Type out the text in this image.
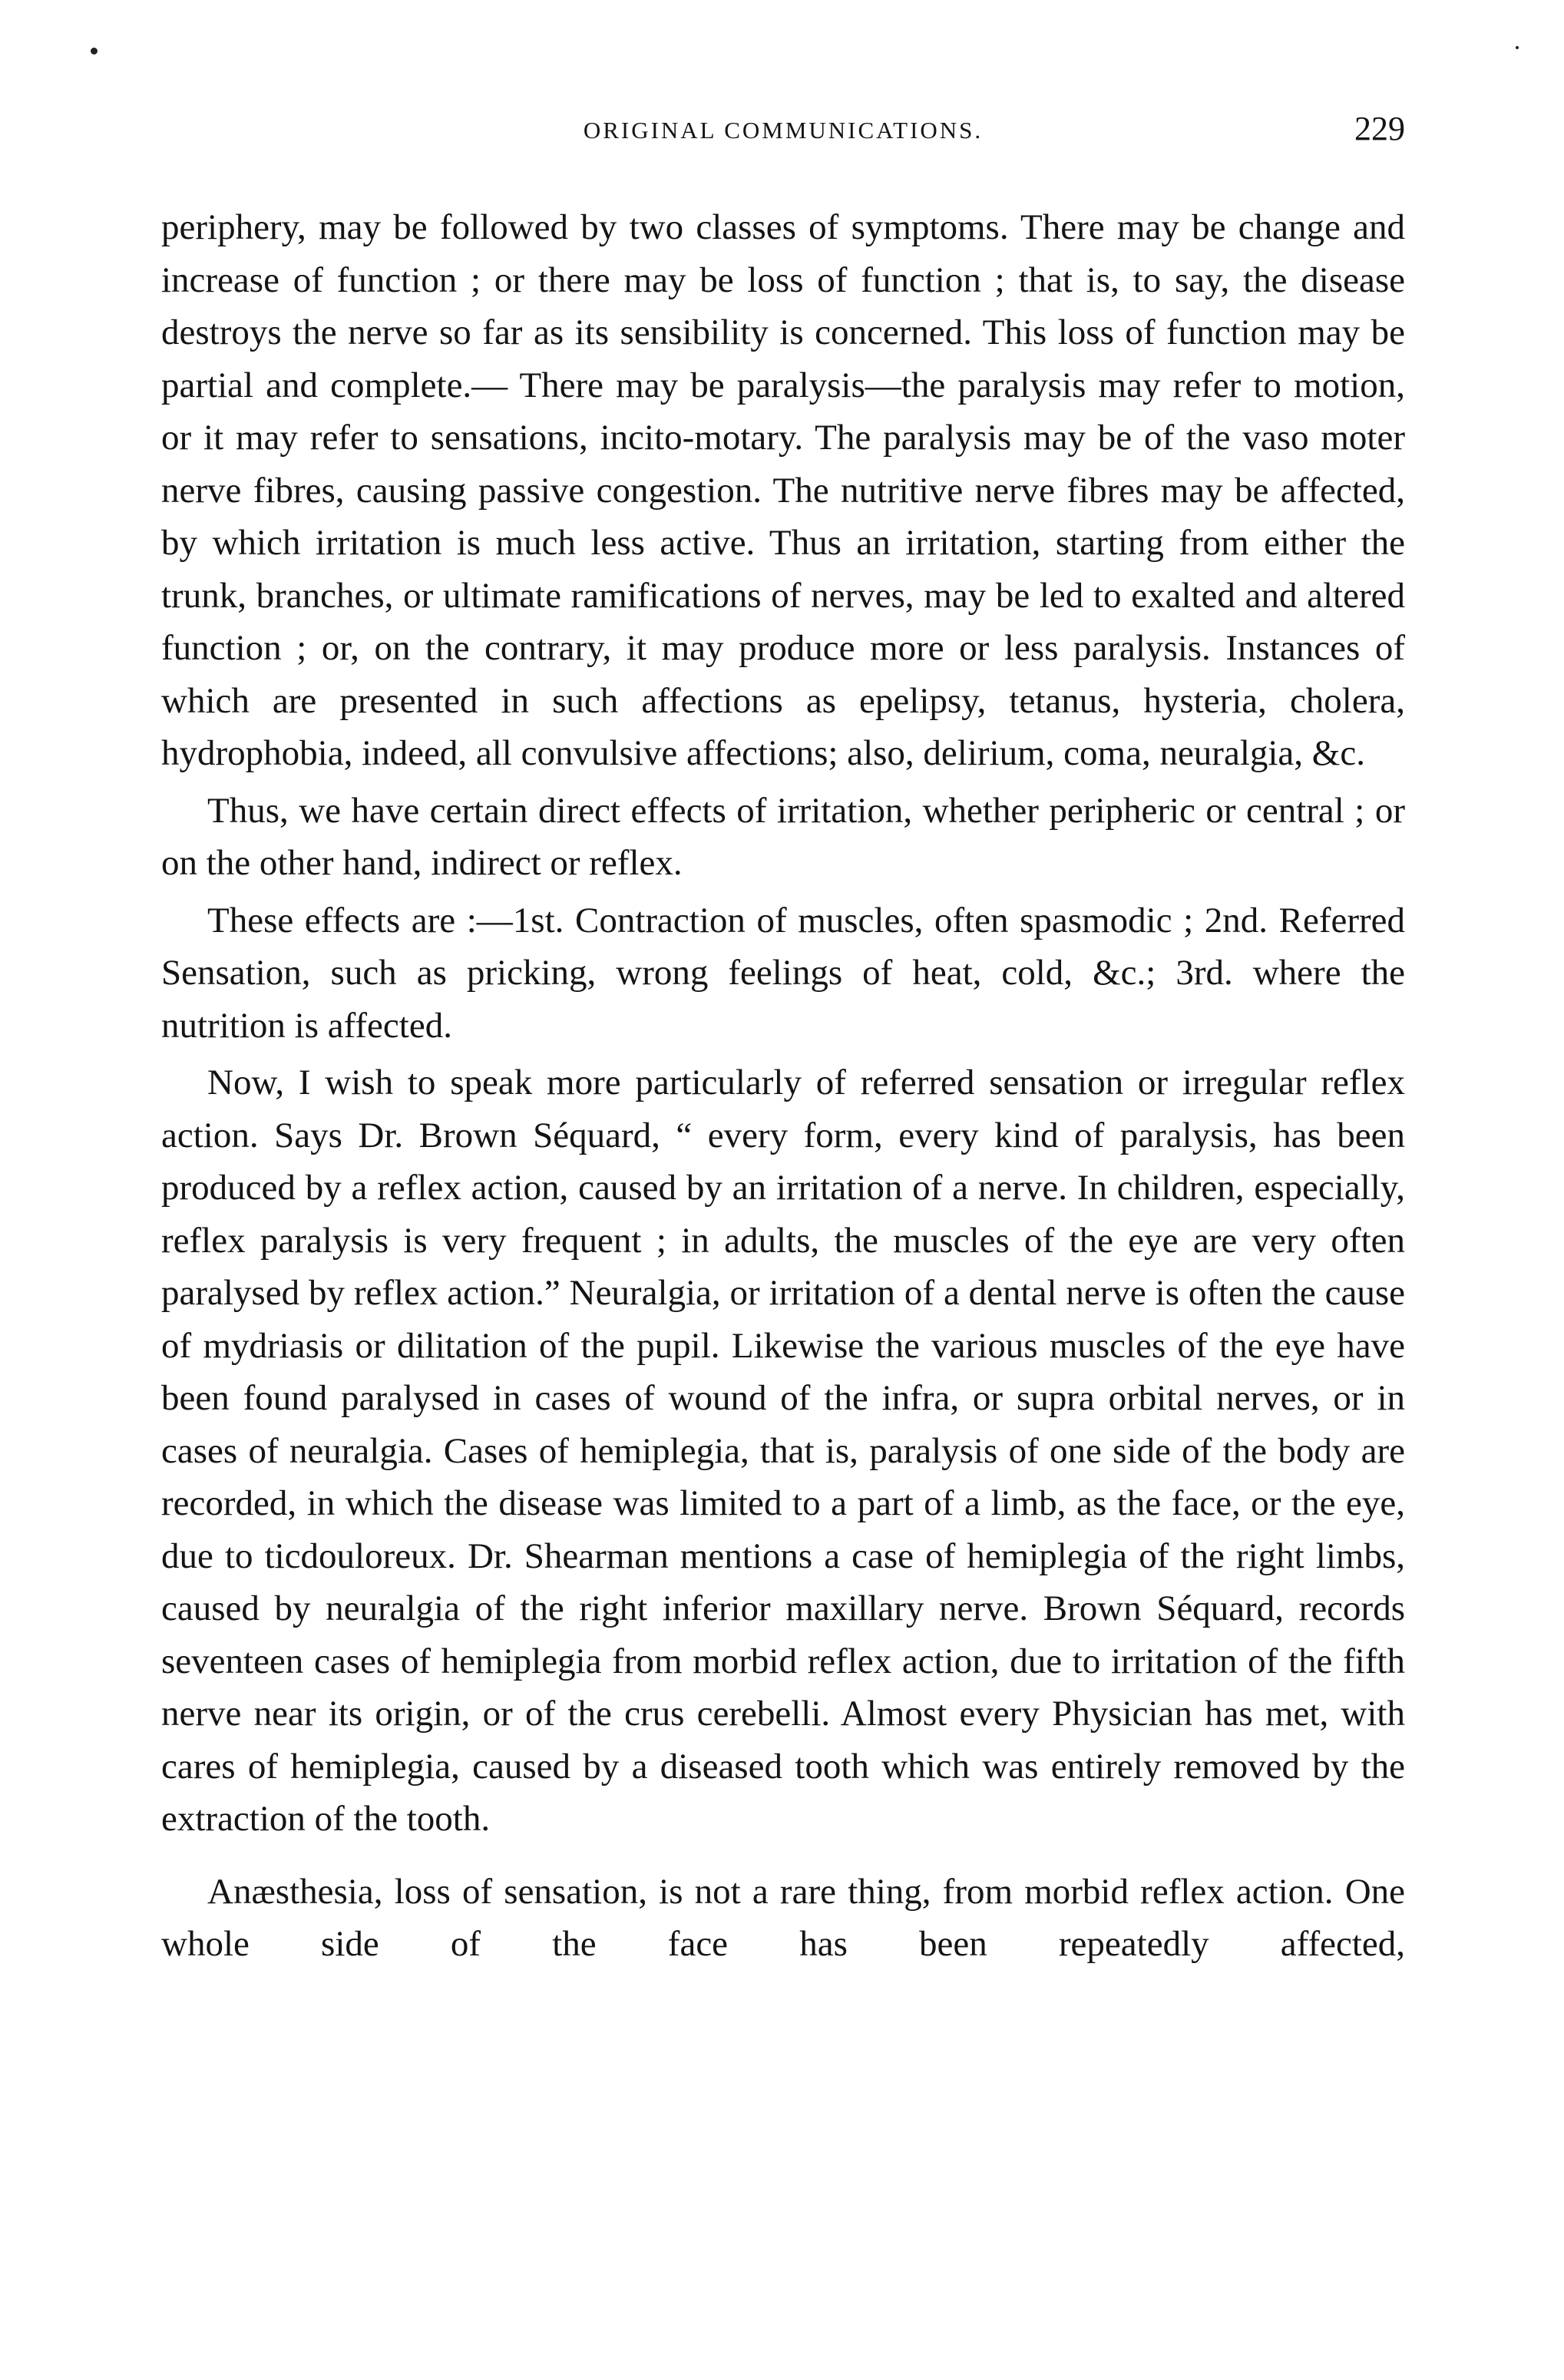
ORIGINAL COMMUNICATIONS.	229

periphery, may be followed by two classes of symptoms. There may be change and increase of function ; or there may be loss of function ; that is, to say, the disease destroys the nerve so far as its sensibility is concerned. This loss of function may be partial and complete.— There may be paralysis—the paralysis may refer to motion, or it may refer to sensations, incito-motary. The paralysis may be of the vaso moter nerve fibres, causing passive congestion. The nutritive nerve fibres may be affected, by which irritation is much less active. Thus an irritation, starting from either the trunk, branches, or ultimate ramifications of nerves, may be led to exalted and altered function ; or, on the contrary, it may produce more or less paralysis. Instances of which are presented in such affections as epelipsy, tetanus, hysteria, cholera, hydrophobia, indeed, all convulsive affections; also, delirium, coma, neuralgia, &c.

Thus, we have certain direct effects of irritation, whether peripheric or central ; or on the other hand, indirect or reflex.

These effects are :—1st. Contraction of muscles, often spasmodic ; 2nd. Referred Sensation, such as pricking, wrong feelings of heat, cold, &c.; 3rd. where the nutrition is affected.

Now, I wish to speak more particularly of referred sensation or irregular reflex action. Says Dr. Brown Séquard, “ every form, every kind of paralysis, has been produced by a reflex action, caused by an irritation of a nerve. In children, especially, reflex paralysis is very frequent ; in adults, the muscles of the eye are very often paralysed by reflex action.” Neuralgia, or irritation of a dental nerve is often the cause of mydriasis or dilitation of the pupil. Likewise the various muscles of the eye have been found paralysed in cases of wound of the infra, or supra orbital nerves, or in cases of neuralgia. Cases of hemiplegia, that is, paralysis of one side of the body are recorded, in which the disease was limited to a part of a limb, as the face, or the eye, due to ticdouloreux. Dr. Shearman mentions a case of hemiplegia of the right limbs, caused by neuralgia of the right inferior maxillary nerve. Brown Séquard, records seventeen cases of hemiplegia from morbid reflex action, due to irritation of the fifth nerve near its origin, or of the crus cerebelli. Almost every Physician has met, with cares of hemiplegia, caused by a diseased tooth which was entirely removed by the extraction of the tooth.

Anæsthesia, loss of sensation, is not a rare thing, from morbid reflex action. One whole side of the face has been repeatedly affected,
